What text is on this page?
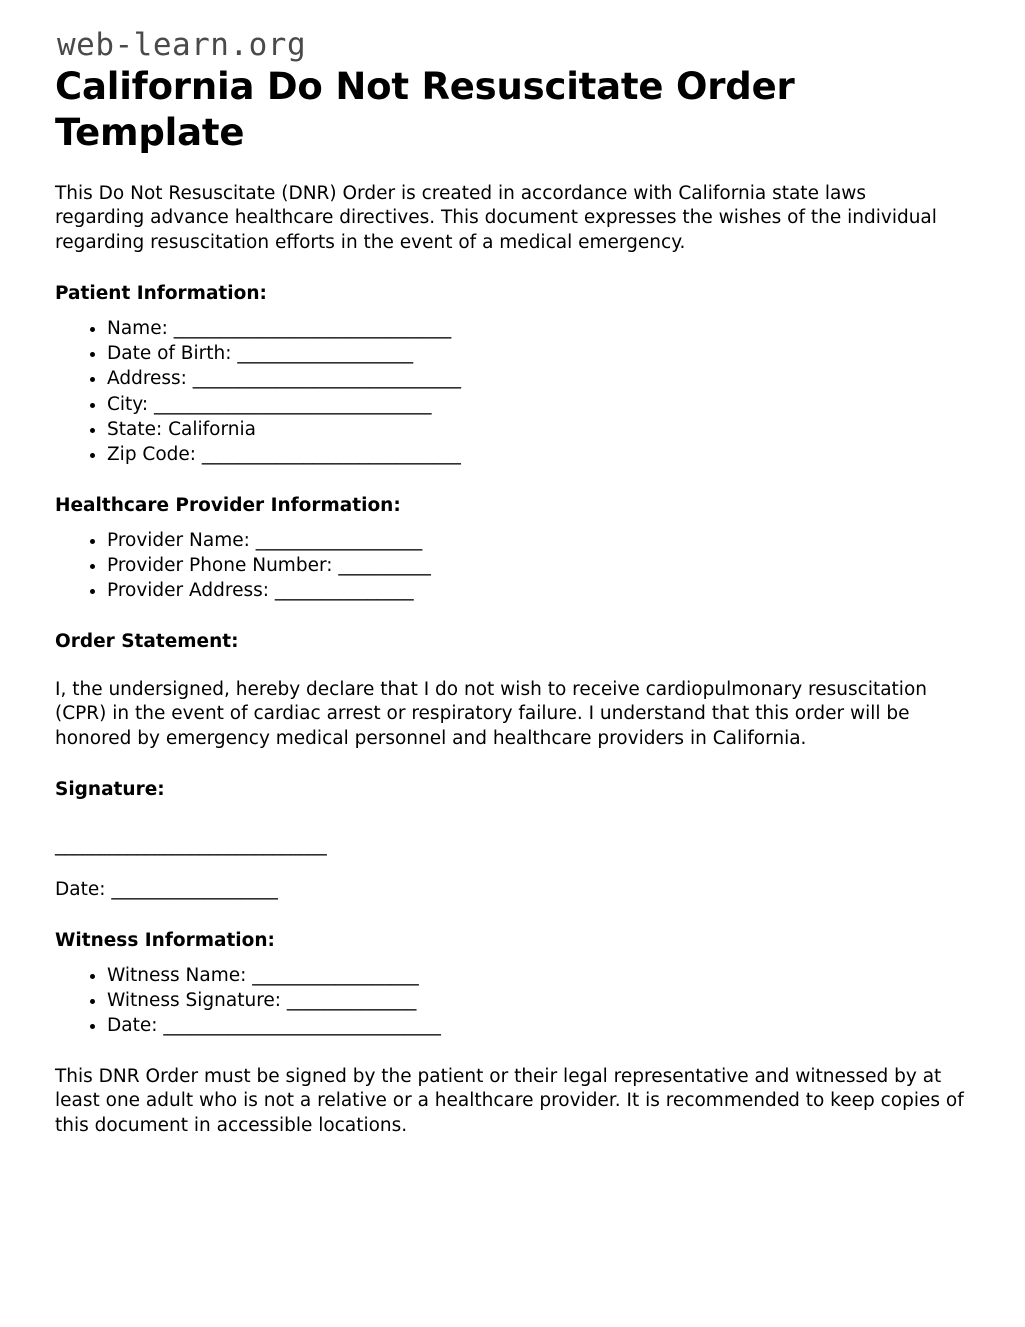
web-learn.org
California Do Not Resuscitate Order Template

This Do Not Resuscitate (DNR) Order is created in accordance with California state laws regarding advance healthcare directives. This document expresses the wishes of the individual regarding resuscitation efforts in the event of a medical emergency.

Patient Information:
• Name: ______________________________
• Date of Birth: ___________________
• Address: _____________________________
• City: ______________________________
• State: California
• Zip Code: ____________________________
Healthcare Provider Information:
• Provider Name: __________________
• Provider Phone Number: __________
• Provider Address: _______________
Order Statement:

I, the undersigned, hereby declare that I do not wish to receive cardiopulmonary resuscitation (CPR) in the event of cardiac arrest or respiratory failure. I understand that this order will be honored by emergency medical personnel and healthcare providers in California.

Signature:
______________________________
Date: __________________
Witness Information:
• Witness Name: __________________
• Witness Signature: ______________
• Date: ______________________________

This DNR Order must be signed by the patient or their legal representative and witnessed by at least one adult who is not a relative or a healthcare provider. It is recommended to keep copies of this document in accessible locations.
